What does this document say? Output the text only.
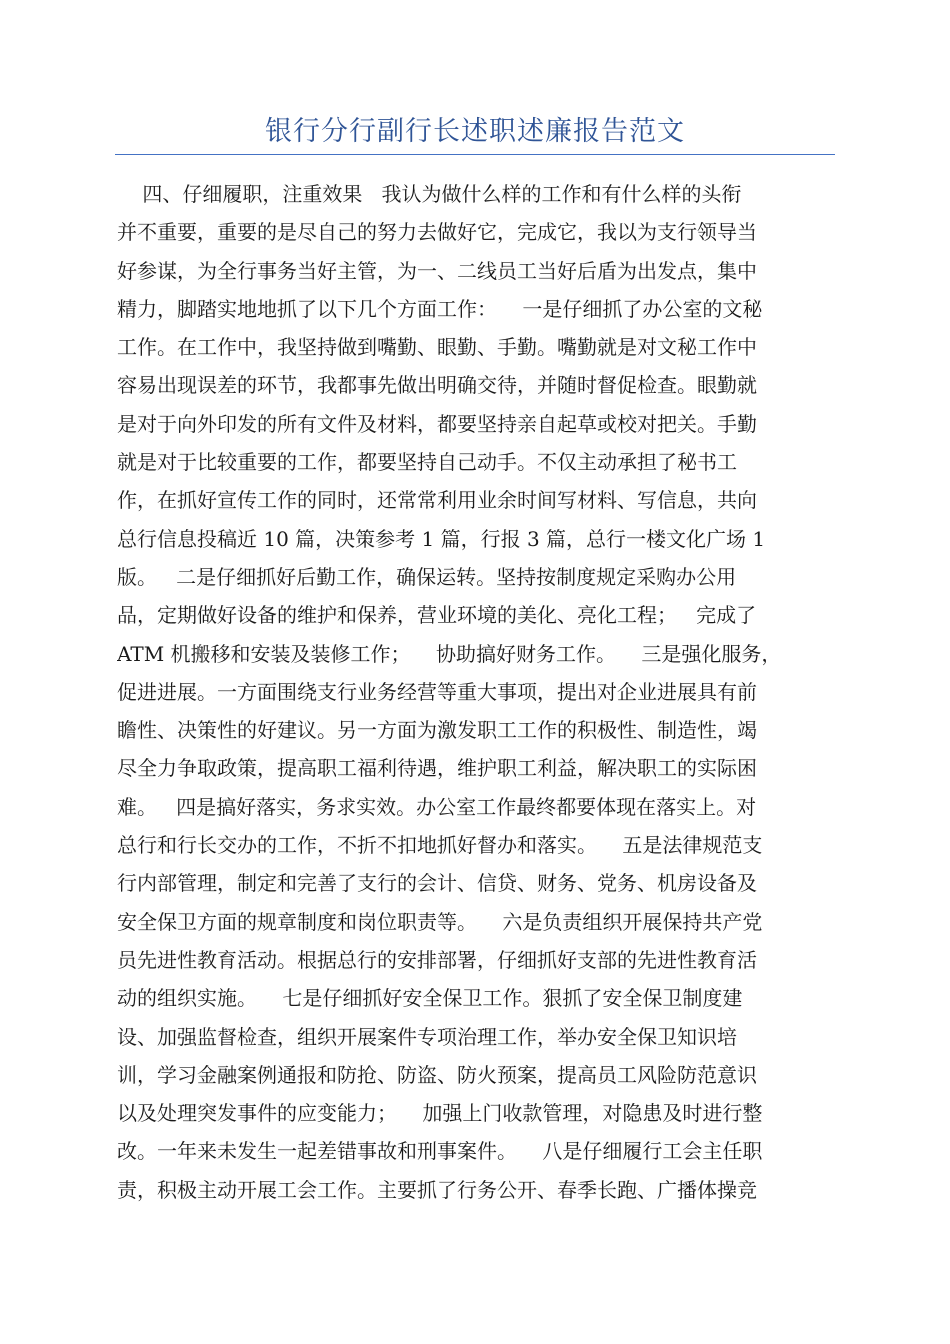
银行分行副行长述职述廉报告范文
四、仔细履职，注重效果   我认为做什么样的工作和有什么样的头衔
并不重要，重要的是尽自己的努力去做好它，完成它，我以为支行领导当
好参谋，为全行事务当好主管，为一、二线员工当好后盾为出发点，集中
精力，脚踏实地地抓了以下几个方面工作：    一是仔细抓了办公室的文秘
工作。在工作中，我坚持做到嘴勤、眼勤、手勤。嘴勤就是对文秘工作中
容易出现误差的环节，我都事先做出明确交待，并随时督促检查。眼勤就
是对于向外印发的所有文件及材料，都要坚持亲自起草或校对把关。手勤
就是对于比较重要的工作，都要坚持自己动手。不仅主动承担了秘书工
作，在抓好宣传工作的同时，还常常利用业余时间写材料、写信息，共向
总行信息投稿近 10 篇，决策参考 1 篇，行报 3 篇，总行一楼文化广场 1
版。   二是仔细抓好后勤工作，确保运转。坚持按制度规定采购办公用
品，定期做好设备的维护和保养，营业环境的美化、亮化工程；   完成了
ATM 机搬移和安装及装修工作；    协助搞好财务工作。    三是强化服务，
促进进展。一方面围绕支行业务经营等重大事项，提出对企业进展具有前
瞻性、决策性的好建议。另一方面为激发职工工作的积极性、制造性，竭
尽全力争取政策，提高职工福利待遇，维护职工利益，解决职工的实际困
难。   四是搞好落实，务求实效。办公室工作最终都要体现在落实上。对
总行和行长交办的工作，不折不扣地抓好督办和落实。    五是法律规范支
行内部管理，制定和完善了支行的会计、信贷、财务、党务、机房设备及
安全保卫方面的规章制度和岗位职责等。    六是负责组织开展保持共产党
员先进性教育活动。根据总行的安排部署，仔细抓好支部的先进性教育活
动的组织实施。    七是仔细抓好安全保卫工作。狠抓了安全保卫制度建
设、加强监督检查，组织开展案件专项治理工作，举办安全保卫知识培
训，学习金融案例通报和防抢、防盗、防火预案，提高员工风险防范意识
以及处理突发事件的应变能力；    加强上门收款管理，对隐患及时进行整
改。一年来未发生一起差错事故和刑事案件。    八是仔细履行工会主任职
责，积极主动开展工会工作。主要抓了行务公开、春季长跑、广播体操竞
